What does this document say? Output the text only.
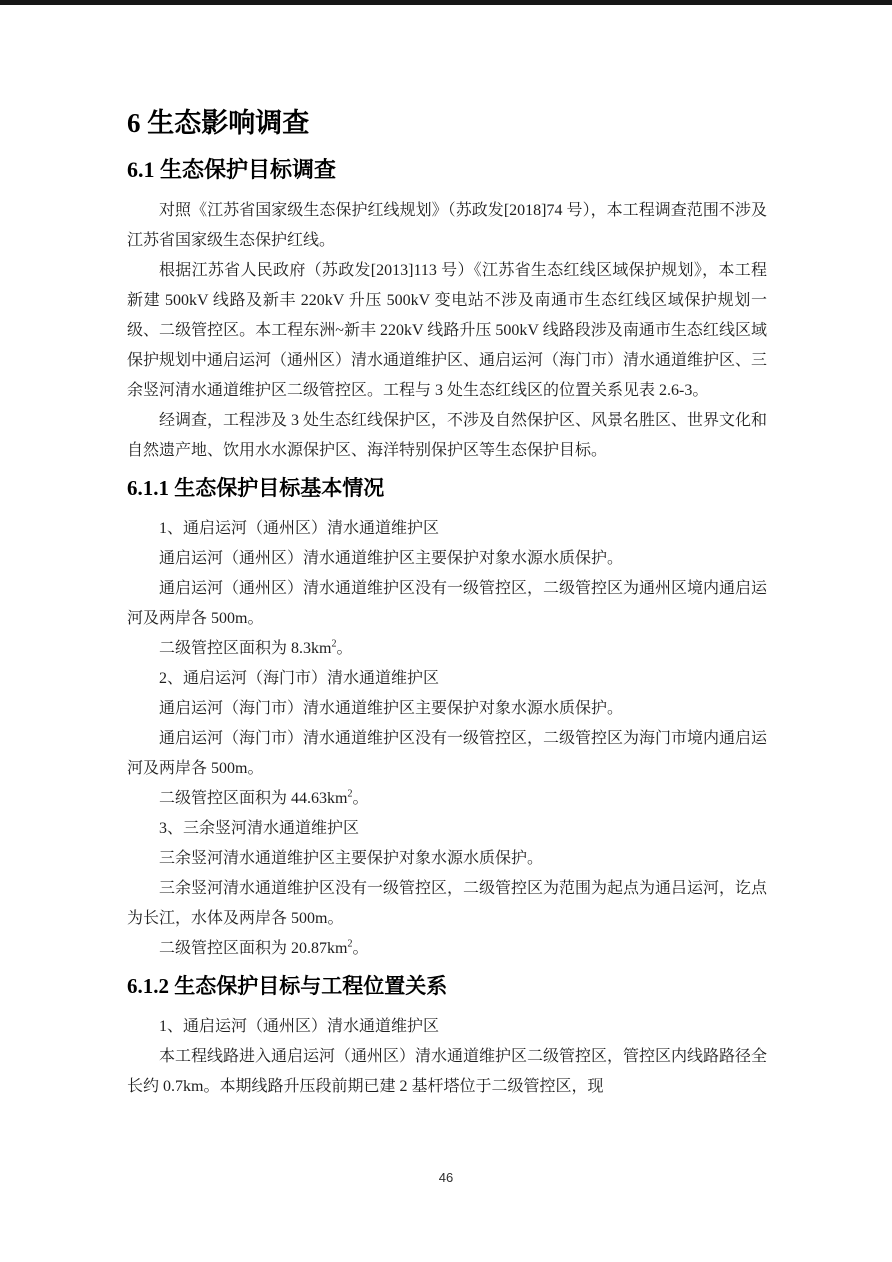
6 生态影响调查
6.1 生态保护目标调查

对照《江苏省国家级生态保护红线规划》（苏政发[2018]74 号），本工程调查范围不涉及江苏省国家级生态保护红线。

根据江苏省人民政府（苏政发[2013]113 号）《江苏省生态红线区域保护规划》，本工程新建 500kV 线路及新丰 220kV 升压 500kV 变电站不涉及南通市生态红线区域保护规划一级、二级管控区。本工程东洲~新丰 220kV 线路升压 500kV 线路段涉及南通市生态红线区域保护规划中通启运河（通州区）清水通道维护区、通启运河（海门市）清水通道维护区、三余竖河清水通道维护区二级管控区。工程与 3 处生态红线区的位置关系见表 2.6-3。

经调查，工程涉及 3 处生态红线保护区，不涉及自然保护区、风景名胜区、世界文化和自然遗产地、饮用水水源保护区、海洋特别保护区等生态保护目标。

6.1.1 生态保护目标基本情况

1、通启运河（通州区）清水通道维护区

通启运河（通州区）清水通道维护区主要保护对象水源水质保护。

通启运河（通州区）清水通道维护区没有一级管控区，二级管控区为通州区境内通启运河及两岸各 500m。

二级管控区面积为 $8.3km^2$。

2、通启运河（海门市）清水通道维护区

通启运河（海门市）清水通道维护区主要保护对象水源水质保护。

通启运河（海门市）清水通道维护区没有一级管控区，二级管控区为海门市境内通启运河及两岸各 500m。

二级管控区面积为 $44.63km^2$。

3、三余竖河清水通道维护区

三余竖河清水通道维护区主要保护对象水源水质保护。

三余竖河清水通道维护区没有一级管控区，二级管控区为范围为起点为通吕运河，讫点为长江，水体及两岸各 500m。

二级管控区面积为 $20.87km^2$。

6.1.2 生态保护目标与工程位置关系

1、通启运河（通州区）清水通道维护区

本工程线路进入通启运河（通州区）清水通道维护区二级管控区，管控区内线路路径全长约 0.7km。本期线路升压段前期已建 2 基杆塔位于二级管控区，现

46
